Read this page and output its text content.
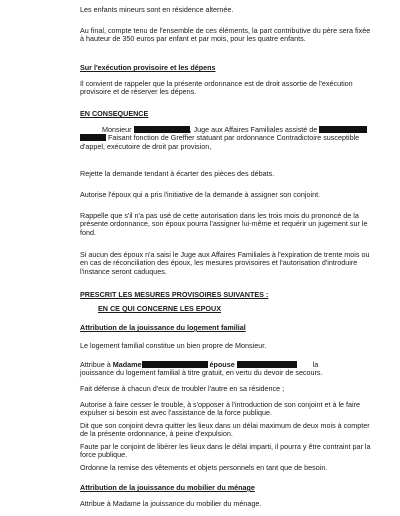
Les enfants mineurs sont en résidence alternée.

Au final, compte tenu de l'ensemble de ces éléments, la part contributive du père sera fixée à hauteur de 350 euros par enfant et par mois, pour les quatre enfants.

Sur l'exécution provisoire et les dépens

Il convient de rappeler que la présente ordonnance est de droit assortie de l'exécution provisoire et de réserver les dépens.

EN CONSEQUENCE

Monsieur	, Juge aux Affaires Familiales assisté de
Faisant fonction de Greffier statuant par ordonnance Contradictoire susceptible d'appel, exécutoire de droit par provision,

Rejette la demande tendant à écarter des pièces des débats.

Autorise l'époux qui a pris l'initiative de la demande à assigner son conjoint.

Rappelle que s'il n'a pas usé de cette autorisation dans les trois mois du prononcé de la présente ordonnance, son époux pourra l'assigner lui-même et requérir un jugement sur le fond.

Si aucun des époux n'a saisi le Juge aux Affaires Familiales à l'expiration de trente mois ou en cas de réconciliation des époux, les mesures provisoires et l'autorisation d'introduire l'instance seront caduques.

PRESCRIT LES MESURES PROVISOIRES SUIVANTES :

EN CE QUI CONCERNE LES EPOUX

Attribution de la jouissance du logement familial

Le logement familial constitue un bien propre de Monsieur.

Attribue à Madame	épouse	la
jouissance du logement familial à titre gratuit, en vertu du devoir de secours.

Fait défense à chacun d'eux de troubler l'autre en sa résidence ;

Autorise à faire cesser le trouble, à s'opposer à l'introduction de son conjoint et à le faire expulser si besoin est avec l'assistance de la force publique.

Dit que son conjoint devra quitter les lieux dans un délai maximum de deux mois à compter de la présente ordonnance, à peine d'expulsion.

Faute par le conjoint de libérer les lieux dans le délai imparti, il pourra y être contraint par la force publique.

Ordonne la remise des vêtements et objets personnels en tant que de besoin.

Attribution de la jouissance du mobilier du ménage

Attribue à Madame la jouissance du mobilier du ménage.
